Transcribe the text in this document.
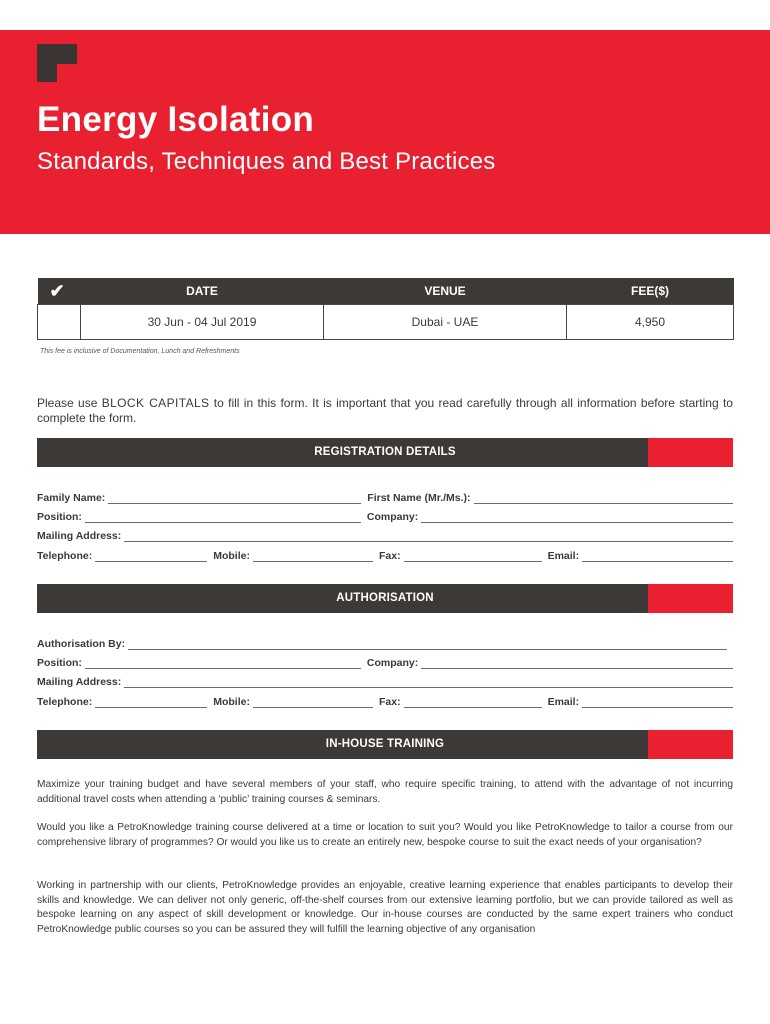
Energy Isolation
Standards, Techniques and Best Practices
✔	DATE	VENUE	FEE($)
	30 Jun - 04 Jul 2019	Dubai - UAE	4,950
This fee is inclusive of Documentation, Lunch and Refreshments

Please use BLOCK CAPITALS to fill in this form. It is important that you read carefully through all information before starting to complete the form.

REGISTRATION DETAILS
Family Name:	First Name (Mr./Ms.):
Position:	Company:
Mailing Address:
Telephone:	Mobile:	Fax:	Email:
AUTHORISATION
Authorisation By:
Position:	Company:
Mailing Address:
Telephone:	Mobile:	Fax:	Email:
IN-HOUSE TRAINING

Maximize your training budget and have several members of your staff, who require specific training, to attend with the advantage of not incurring additional travel costs when attending a ‘public’ training courses & seminars.

Would you like a PetroKnowledge training course delivered at a time or location to suit you? Would you like PetroKnowledge to tailor a course from our comprehensive library of programmes? Or would you like us to create an entirely new, bespoke course to suit the exact needs of your organisation?

Working in partnership with our clients, PetroKnowledge provides an enjoyable, creative learning experience that enables participants to develop their skills and knowledge. We can deliver not only generic, off-the-shelf courses from our extensive learning portfolio, but we can provide tailored as well as bespoke learning on any aspect of skill development or knowledge. Our in-house courses are conducted by the same expert trainers who conduct PetroKnowledge public courses so you can be assured they will fulfill the learning objective of any organisation
